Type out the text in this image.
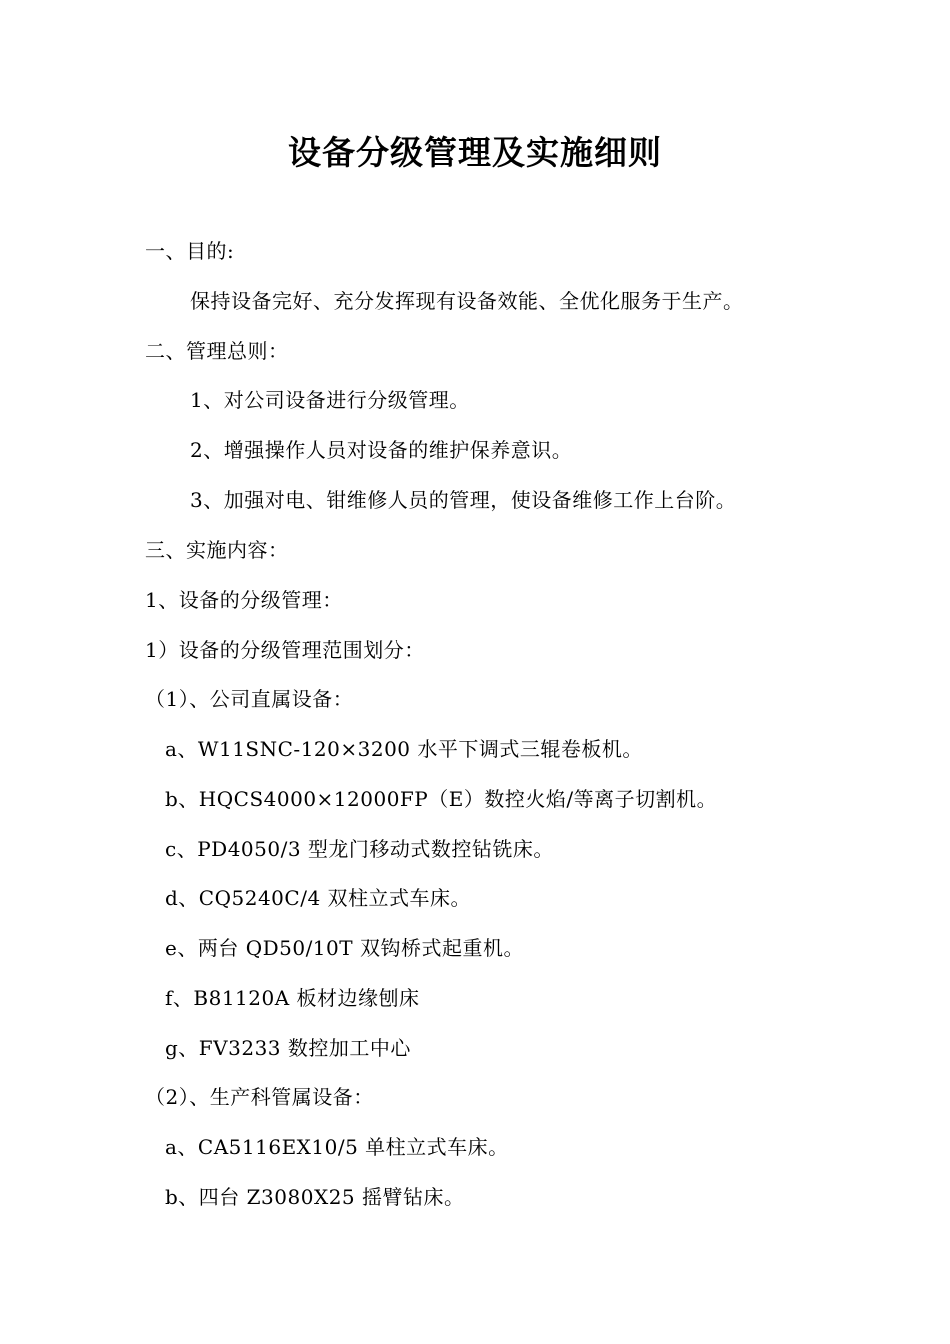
设备分级管理及实施细则
一、目的:
保持设备完好、充分发挥现有设备效能、全优化服务于生产。
二、管理总则：
1、对公司设备进行分级管理。
2、增强操作人员对设备的维护保养意识。
3、加强对电、钳维修人员的管理，使设备维修工作上台阶。
三、实施内容：
1、设备的分级管理：
1）设备的分级管理范围划分：
（1）、公司直属设备：
a、W11SNC-120×3200 水平下调式三辊卷板机。
b、HQCS4000×12000FP（E）数控火焰/等离子切割机。
c、PD4050/3 型龙门移动式数控钻铣床。
d、CQ5240C/4 双柱立式车床。
e、两台 QD50/10T 双钩桥式起重机。
f、B81120A 板材边缘刨床
g、FV3233 数控加工中心
（2）、生产科管属设备：
a、CA5116EX10/5 单柱立式车床。
b、四台 Z3080X25 摇臂钻床。
